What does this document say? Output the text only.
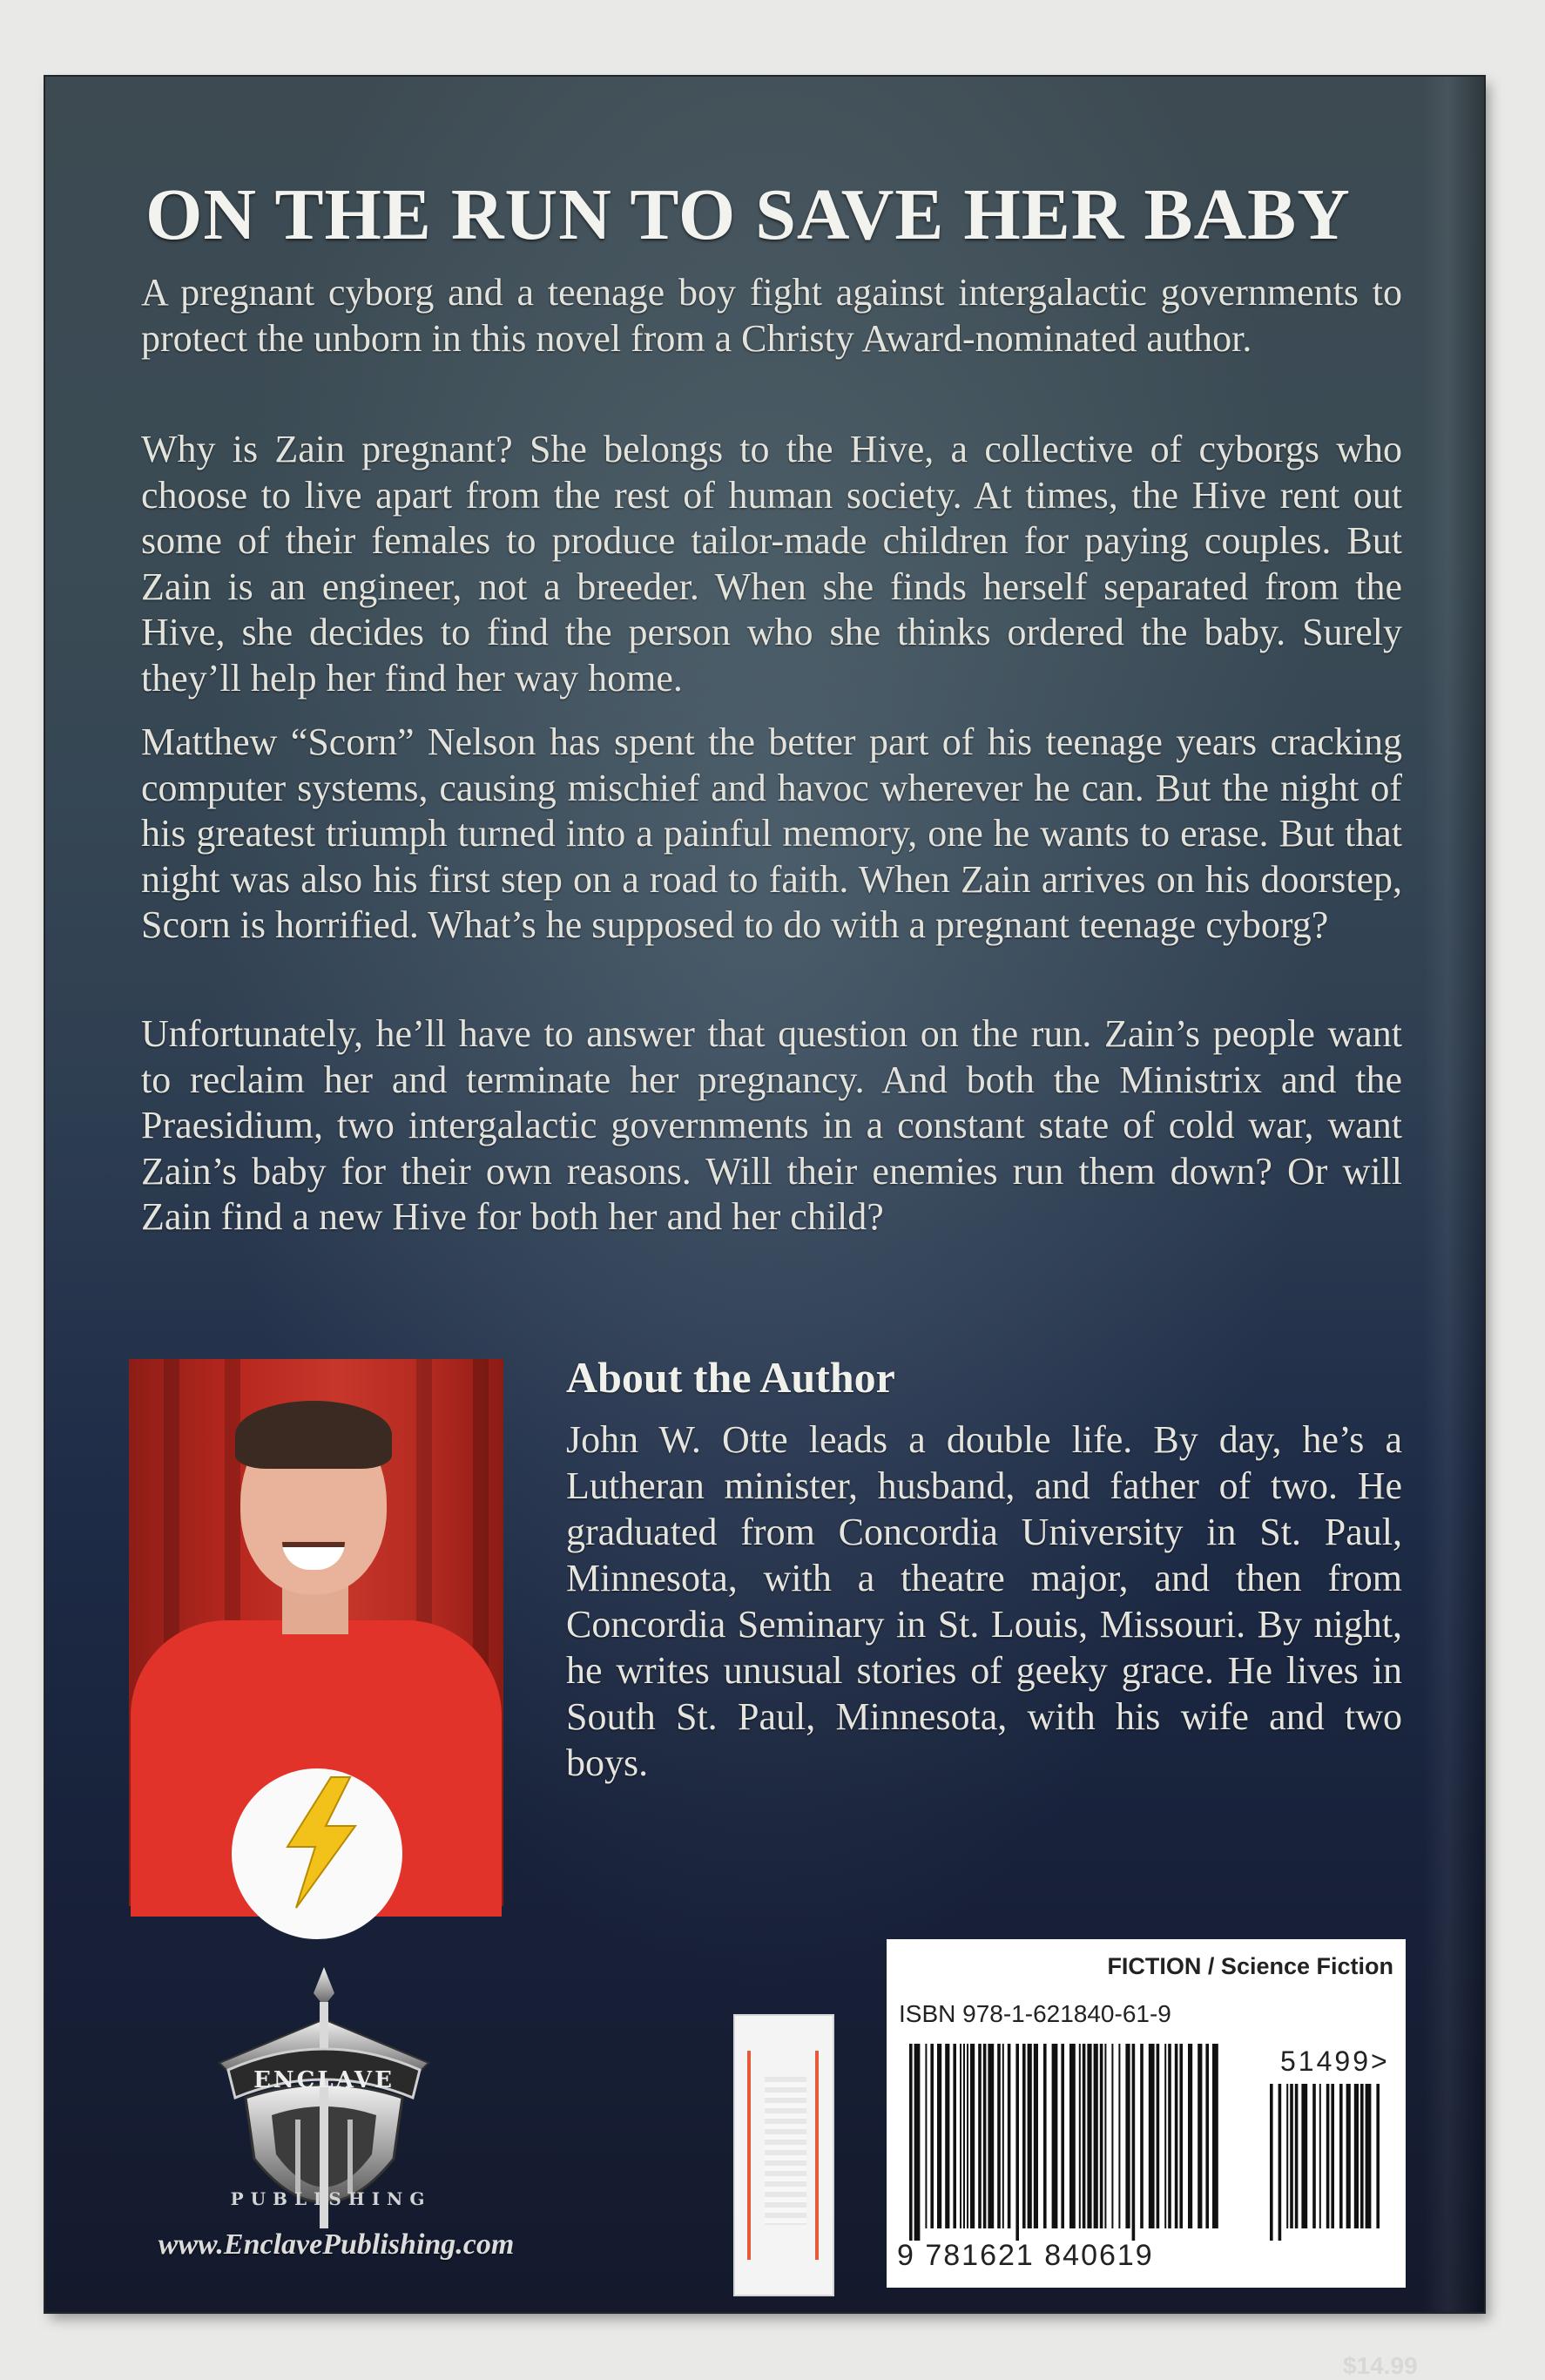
ON THE RUN TO SAVE HER BABY

A pregnant cyborg and a teenage boy fight against intergalactic governments to protect the unborn in this novel from a Christy Award-nominated author.

Why is Zain pregnant? She belongs to the Hive, a collective of cyborgs who choose to live apart from the rest of human society. At times, the Hive rent out some of their females to produce tailor-made children for paying couples. But Zain is an engineer, not a breeder. When she finds herself separated from the Hive, she decides to find the person who she thinks ordered the baby. Surely they’ll help her find her way home.

Matthew “Scorn” Nelson has spent the better part of his teenage years cracking computer systems, causing mischief and havoc wherever he can. But the night of his greatest triumph turned into a painful memory, one he wants to erase. But that night was also his first step on a road to faith. When Zain arrives on his doorstep, Scorn is horrified. What’s he supposed to do with a pregnant teenage cyborg?

Unfortunately, he’ll have to answer that question on the run. Zain’s people want to reclaim her and terminate her pregnancy. And both the Ministrix and the Praesidium, two intergalactic governments in a constant state of cold war, want Zain’s baby for their own reasons. Will their enemies run them down? Or will Zain find a new Hive for both her and her child?

About the Author

John W. Otte leads a double life. By day, he’s a Lutheran minister, husband, and father of two. He graduated from Concordia University in St. Paul, Minnesota, with a theatre major, and then from Concordia Seminary in St. Louis, Missouri. By night, he writes unusual stories of geeky grace. He lives in South St. Paul, Minnesota, with his wife and two boys.

ENCLAVE

PUBLISHING

www.EnclavePublishing.com

FICTION / Science Fiction

ISBN 978-1-621840-61-9

51499>

9 781621 840619

$14.99
